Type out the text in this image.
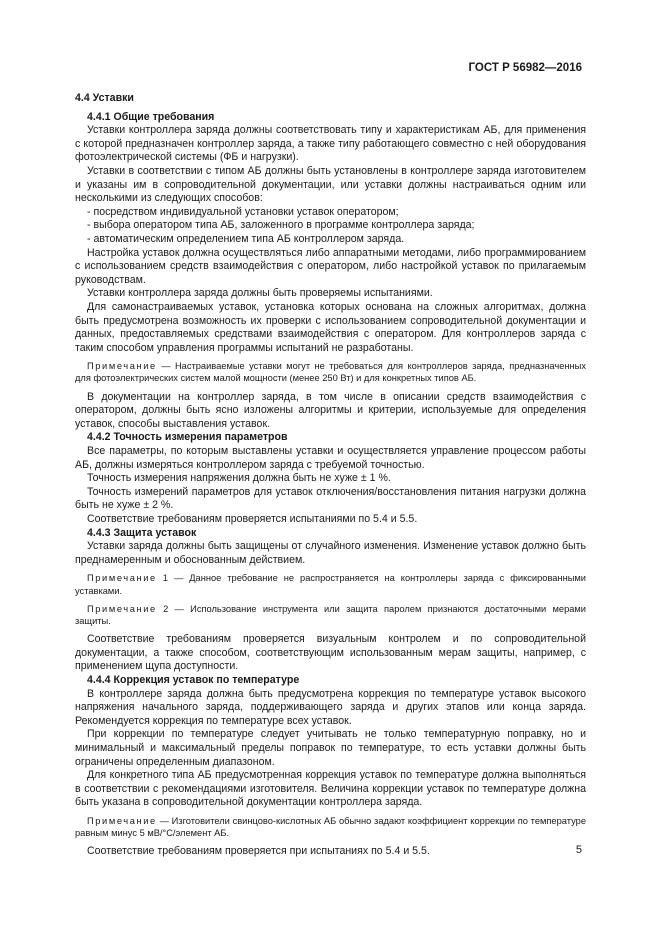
ГОСТ Р 56982—2016

4.4 Уставки

4.4.1 Общие требования

Уставки контроллера заряда должны соответствовать типу и характеристикам АБ, для применения с которой предназначен контроллер заряда, а также типу работающего совместно с ней оборудования фотоэлектрической системы (ФБ и нагрузки).

Уставки в соответствии с типом АБ должны быть установлены в контроллере заряда изготовителем и указаны им в сопроводительной документации, или уставки должны настраиваться одним или несколькими из следующих способов:

- посредством индивидуальной установки уставок оператором;

- выбора оператором типа АБ, заложенного в программе контроллера заряда;

- автоматическим определением типа АБ контроллером заряда.

Настройка уставок должна осуществляться либо аппаратными методами, либо программированием с использованием средств взаимодействия с оператором, либо настройкой уставок по прилагаемым руководствам.

Уставки контроллера заряда должны быть проверяемы испытаниями.

Для самонастраиваемых уставок, установка которых основана на сложных алгоритмах, должна быть предусмотрена возможность их проверки с использованием сопроводительной документации и данных, предоставляемых средствами взаимодействия с оператором. Для контроллеров заряда с таким способом управления программы испытаний не разработаны.

Примечание — Настраиваемые уставки могут не требоваться для контроллеров заряда, предназначенных для фотоэлектрических систем малой мощности (менее 250 Вт) и для конкретных типов АБ.

В документации на контроллер заряда, в том числе в описании средств взаимодействия с оператором, должны быть ясно изложены алгоритмы и критерии, используемые для определения уставок, способы выставления уставок.

4.4.2 Точность измерения параметров

Все параметры, по которым выставлены уставки и осуществляется управление процессом работы АБ, должны измеряться контроллером заряда с требуемой точностью.

Точность измерения напряжения должна быть не хуже ± 1 %.

Точность измерений параметров для уставок отключения/восстановления питания нагрузки должна быть не хуже ± 2 %.

Соответствие требованиям проверяется испытаниями по 5.4 и 5.5.

4.4.3 Защита уставок

Уставки заряда должны быть защищены от случайного изменения. Изменение уставок должно быть преднамеренным и обоснованным действием.

Примечание 1 — Данное требование не распространяется на контроллеры заряда с фиксированными уставками.

Примечание 2 — Использование инструмента или защита паролем признаются достаточными мерами защиты.

Соответствие требованиям проверяется визуальным контролем и по сопроводительной документации, а также способом, соответствующим использованным мерам защиты, например, с применением щупа доступности.

4.4.4 Коррекция уставок по температуре

В контроллере заряда должна быть предусмотрена коррекция по температуре уставок высокого напряжения начального заряда, поддерживающего заряда и других этапов или конца заряда. Рекомендуется коррекция по температуре всех уставок.

При коррекции по температуре следует учитывать не только температурную поправку, но и минимальный и максимальный пределы поправок по температуре, то есть уставки должны быть ограничены определенным диапазоном.

Для конкретного типа АБ предусмотренная коррекция уставок по температуре должна выполняться в соответствии с рекомендациями изготовителя. Величина коррекции уставок по температуре должна быть указана в сопроводительной документации контроллера заряда.

Примечание — Изготовители свинцово-кислотных АБ обычно задают коэффициент коррекции по температуре равным минус 5 мВ/°С/элемент АБ.

Соответствие требованиям проверяется при испытаниях по 5.4 и 5.5.	5
